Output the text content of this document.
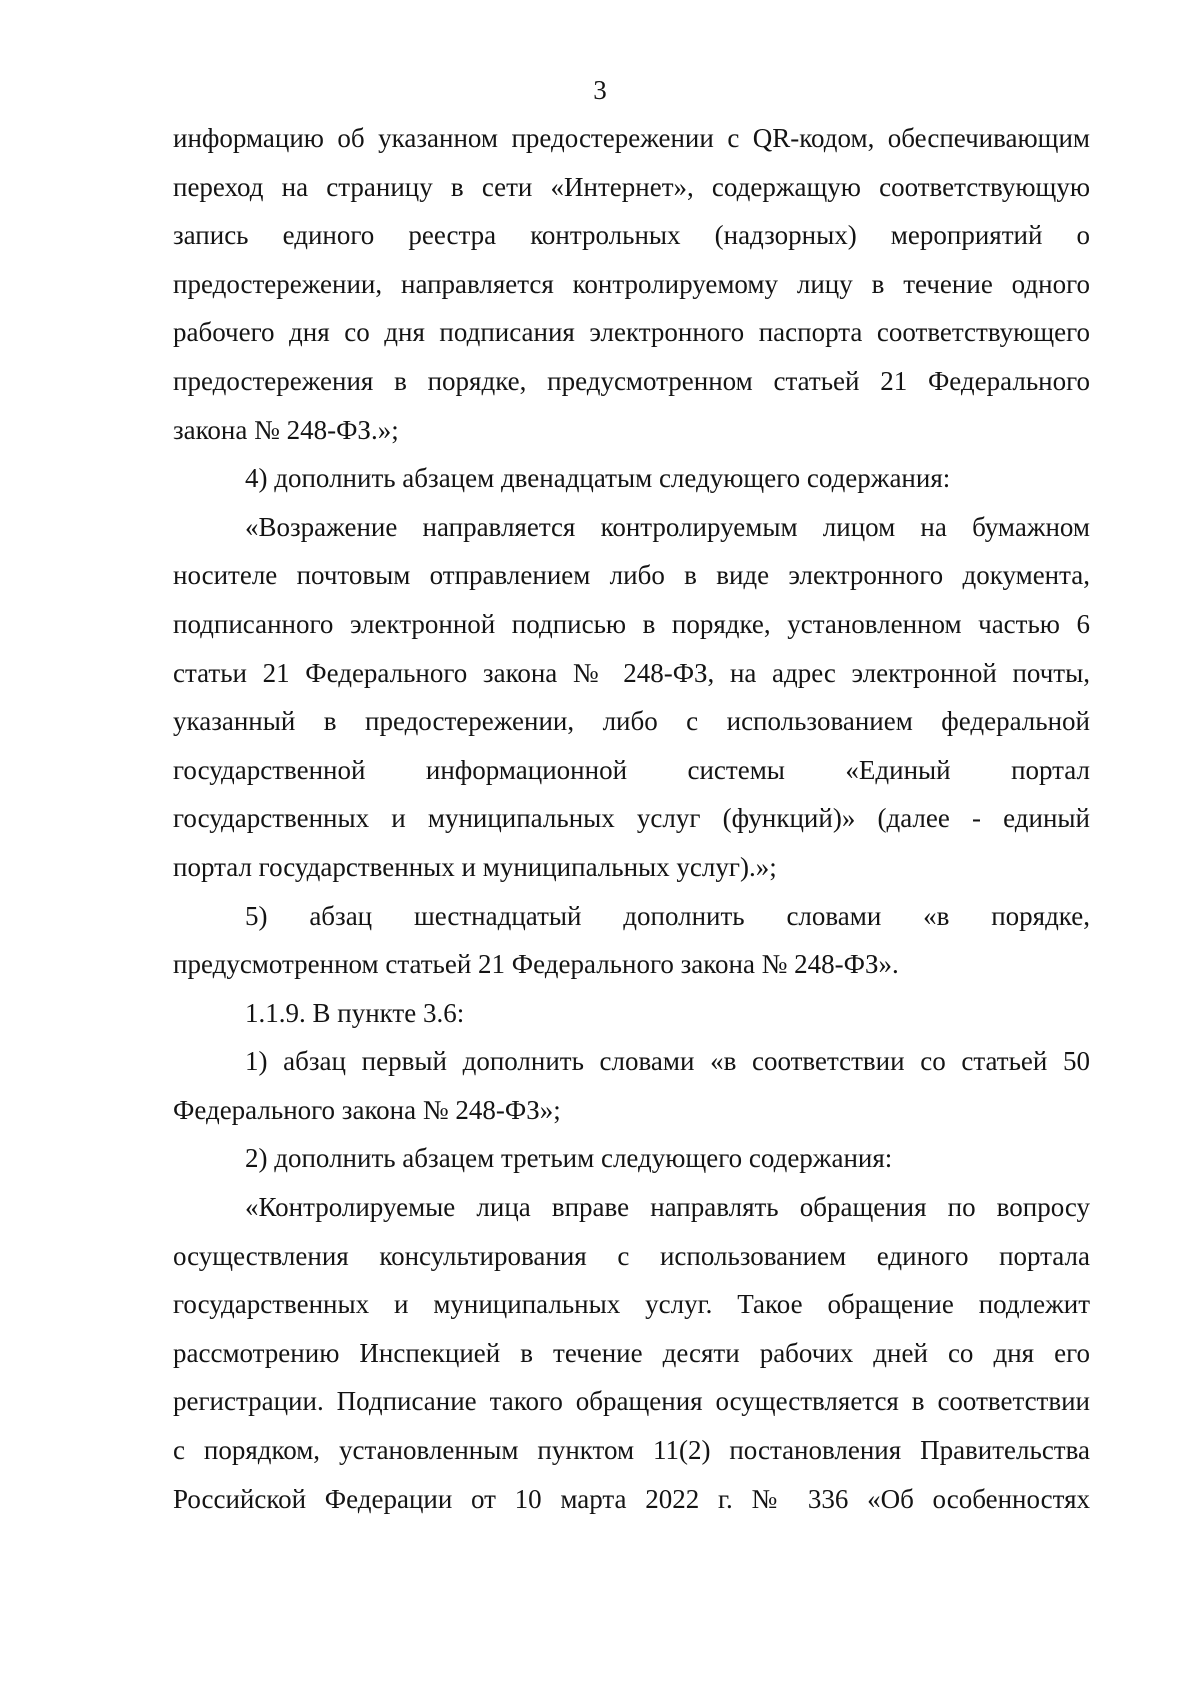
3
информацию об указанном предостережении с QR-кодом, обеспечивающим
переход на страницу в сети «Интернет», содержащую соответствующую
запись единого реестра контрольных (надзорных) мероприятий о
предостережении, направляется контролируемому лицу в течение одного
рабочего дня со дня подписания электронного паспорта соответствующего
предостережения в порядке, предусмотренном статьей 21 Федерального
закона № 248-ФЗ.»;
4) дополнить абзацем двенадцатым следующего содержания:
«Возражение направляется контролируемым лицом на бумажном
носителе почтовым отправлением либо в виде электронного документа,
подписанного электронной подписью в порядке, установленном частью 6
статьи 21 Федерального закона № 248-ФЗ, на адрес электронной почты,
указанный в предостережении, либо с использованием федеральной
государственной информационной системы «Единый портал
государственных и муниципальных услуг (функций)» (далее - единый
портал государственных и муниципальных услуг).»;
5) абзац шестнадцатый дополнить словами «в порядке,
предусмотренном статьей 21 Федерального закона № 248-ФЗ».
1.1.9. В пункте 3.6:
1) абзац первый дополнить словами «в соответствии со статьей 50
Федерального закона № 248-ФЗ»;
2) дополнить абзацем третьим следующего содержания:
«Контролируемые лица вправе направлять обращения по вопросу
осуществления консультирования с использованием единого портала
государственных и муниципальных услуг. Такое обращение подлежит
рассмотрению Инспекцией в течение десяти рабочих дней со дня его
регистрации. Подписание такого обращения осуществляется в соответствии
с порядком, установленным пунктом 11(2) постановления Правительства
Российской Федерации от 10 марта 2022 г. № 336 «Об особенностях
